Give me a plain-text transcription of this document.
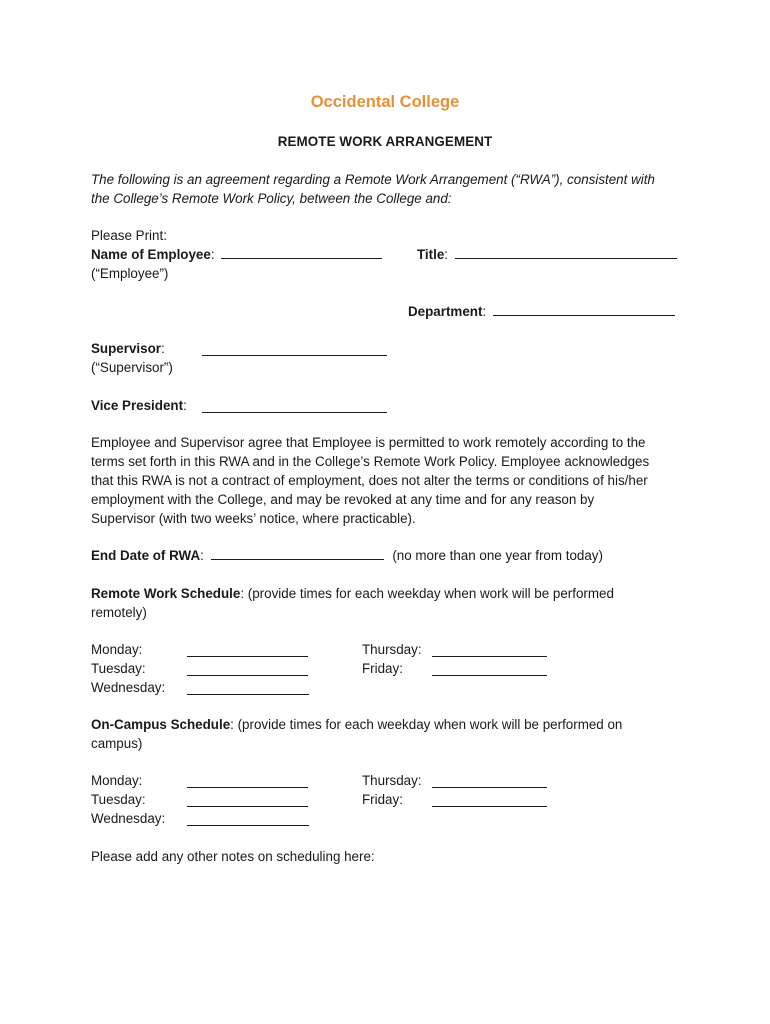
Occidental College
REMOTE WORK ARRANGEMENT
The following is an agreement regarding a Remote Work Arrangement (“RWA”), consistent with
the College’s Remote Work Policy, between the College and:
Please Print:
Name of Employee:
(“Employee”)
Title:
Department:
Supervisor:
(“Supervisor”)
Vice President:
Employee and Supervisor agree that Employee is permitted to work remotely according to the
terms set forth in this RWA and in the College’s Remote Work Policy. Employee acknowledges
that this RWA is not a contract of employment, does not alter the terms or conditions of his/her
employment with the College, and may be revoked at any time and for any reason by
Supervisor (with two weeks’ notice, where practicable).
End Date of RWA:	(no more than one year from today)
Remote Work Schedule: (provide times for each weekday when work will be performed
remotely)
Monday:
Tuesday:
Wednesday:
Thursday:
Friday:
On-Campus Schedule: (provide times for each weekday when work will be performed on
campus)
Monday:
Tuesday:
Wednesday:
Thursday:
Friday:
Please add any other notes on scheduling here:
